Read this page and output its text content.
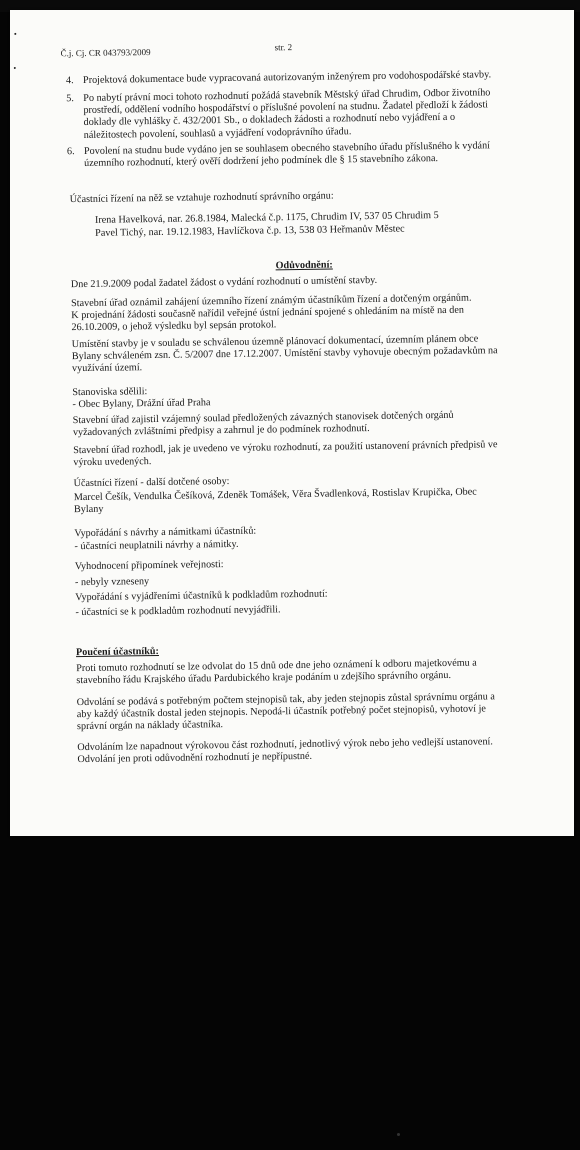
Č.j. Cj. CR 043793/2009	str. 2
4. Projektová dokumentace bude vypracovaná autorizovaným inženýrem pro vodohospodářské stavby.
5. Po nabytí právní moci tohoto rozhodnutí požádá stavebník Městský úřad Chrudim, Odbor životního
prostředí, oddělení vodního hospodářství o příslušné povolení na studnu. Žadatel předloží k žádosti
doklady dle vyhlášky č. 432/2001 Sb., o dokladech žádosti a rozhodnutí nebo vyjádření a o
náležitostech povolení, souhlasů a vyjádření vodoprávního úřadu.
6. Povolení na studnu bude vydáno jen se souhlasem obecného stavebního úřadu příslušného k vydání
územního rozhodnutí, který ověří dodržení jeho podmínek dle § 15 stavebního zákona.
Účastníci řízení na něž se vztahuje rozhodnutí správního orgánu:
Irena Havelková, nar. 26.8.1984, Malecká č.p. 1175, Chrudim IV, 537 05 Chrudim 5
Pavel Tichý, nar. 19.12.1983, Havlíčkova č.p. 13, 538 03 Heřmanův Městec
Odůvodnění:
Dne 21.9.2009 podal žadatel žádost o vydání rozhodnutí o umístění stavby.
Stavební úřad oznámil zahájení územního řízení známým účastníkům řízení a dotčeným orgánům.
K projednání žádosti současně nařídil veřejné ústní jednání spojené s ohledáním na místě na den
26.10.2009, o jehož výsledku byl sepsán protokol.
Umístění stavby je v souladu se schválenou územně plánovací dokumentací, územním plánem obce
Bylany schváleném zsn. Č. 5/2007 dne 17.12.2007. Umístění stavby vyhovuje obecným požadavkům na
využívání území.
Stanoviska sdělili:
- Obec Bylany, Drážní úřad Praha
Stavební úřad zajistil vzájemný soulad předložených závazných stanovisek dotčených orgánů
vyžadovaných zvláštními předpisy a zahrnul je do podmínek rozhodnutí.
Stavební úřad rozhodl, jak je uvedeno ve výroku rozhodnutí, za použití ustanovení právních předpisů ve
výroku uvedených.
Účastníci řízení - další dotčené osoby:
Marcel Češík, Vendulka Češíková, Zdeněk Tomášek, Věra Švadlenková, Rostislav Krupička, Obec
Bylany
Vypořádání s návrhy a námitkami účastníků:
- účastníci neuplatnili návrhy a námitky.
Vyhodnocení připomínek veřejnosti:
- nebyly vzneseny
Vypořádání s vyjádřeními účastníků k podkladům rozhodnutí:
- účastníci se k podkladům rozhodnutí nevyjádřili.
Poučení účastníků:
Proti tomuto rozhodnutí se lze odvolat do 15 dnů ode dne jeho oznámení k odboru majetkovému a
stavebního řádu Krajského úřadu Pardubického kraje podáním u zdejšího správního orgánu.
Odvolání se podává s potřebným počtem stejnopisů tak, aby jeden stejnopis zůstal správnímu orgánu a
aby každý účastník dostal jeden stejnopis. Nepodá-li účastník potřebný počet stejnopisů, vyhotoví je
správní orgán na náklady účastníka.
Odvoláním lze napadnout výrokovou část rozhodnutí, jednotlivý výrok nebo jeho vedlejší ustanovení.
Odvolání jen proti odůvodnění rozhodnutí je nepřípustné.
